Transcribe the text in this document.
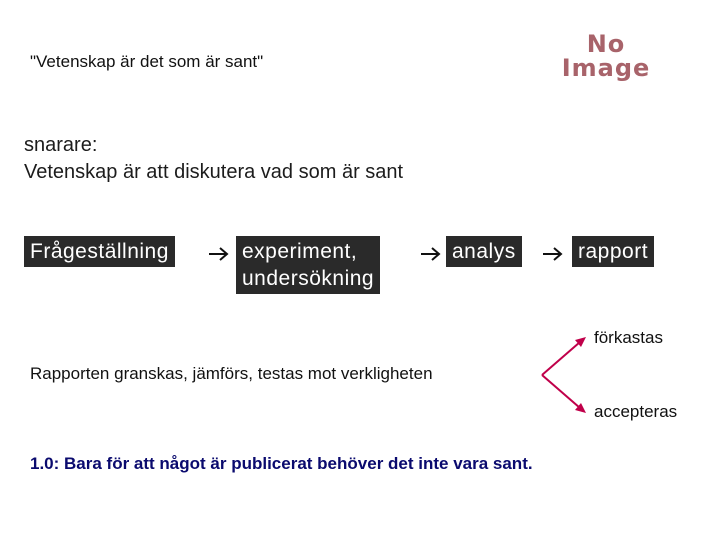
"Vetenskap är det som är sant"
No
Image
snarare:
Vetenskap är att diskutera vad som är sant
Frågeställning	experiment,
undersökning
analys	rapport
förkastas
Rapporten granskas, jämförs, testas mot verkligheten
accepteras
1.0: Bara för att något är publicerat behöver det inte vara sant.
